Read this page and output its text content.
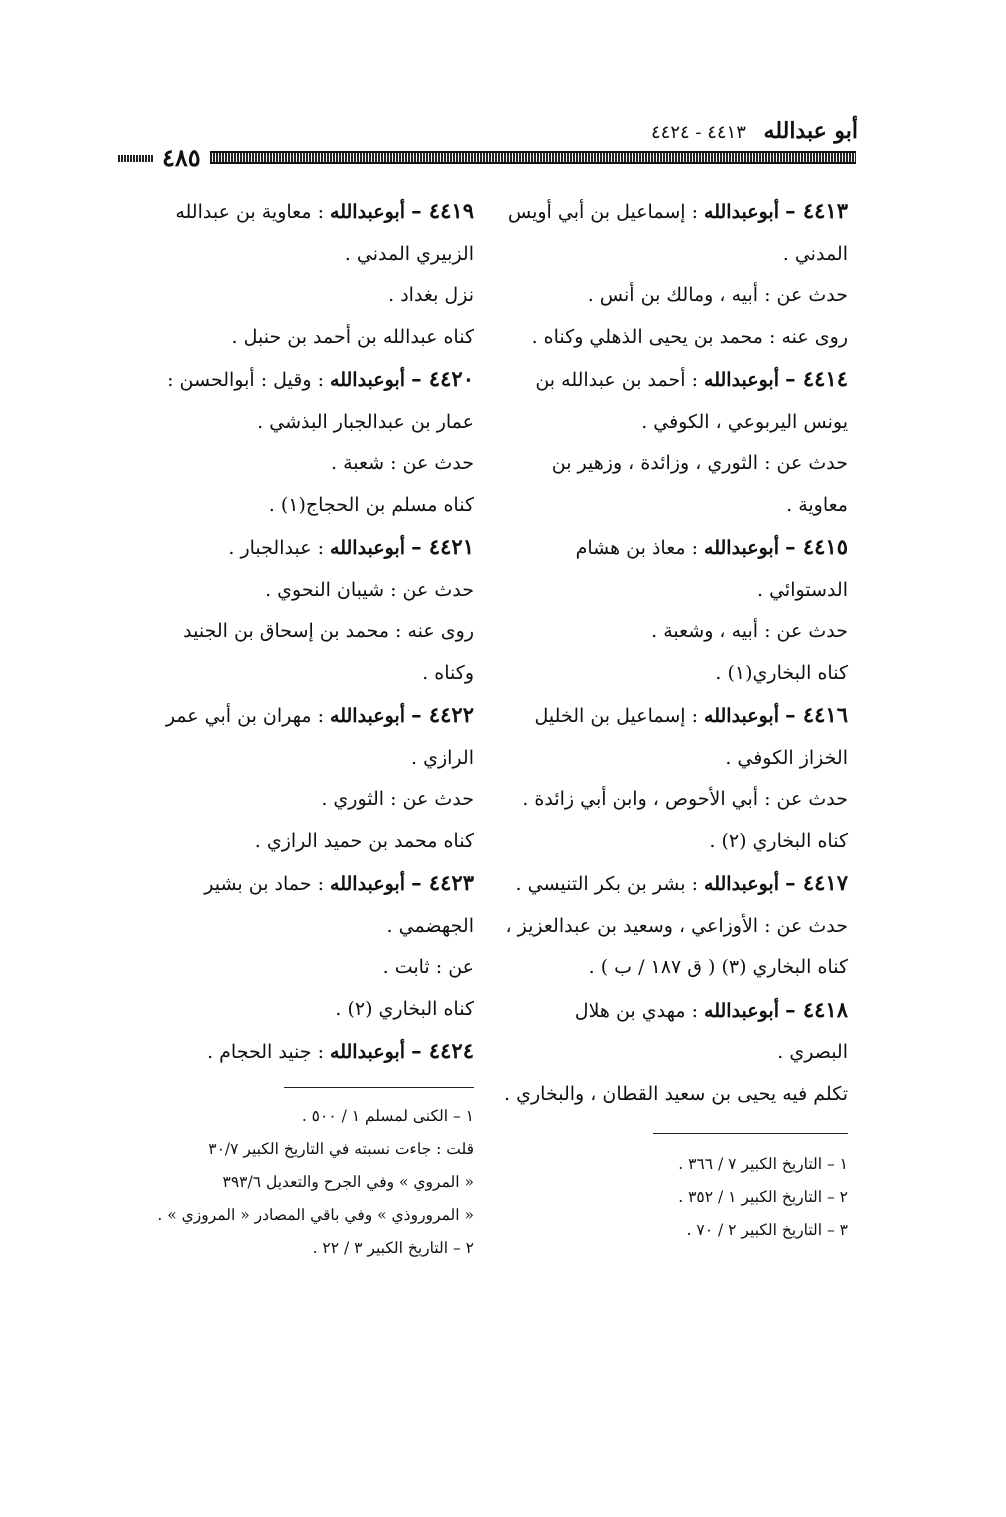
أبو عبدالله ٤٤١٣ - ٤٤٢٤
٤٨٥

٤٤١٣ – أبوعبدالله : إسماعيل بن أبي أويس

المدني .

حدث عن : أبيه ، ومالك بن أنس .

روى عنه : محمد بن يحيى الذهلي وكناه .

٤٤١٤ – أبوعبدالله : أحمد بن عبدالله بن

يونس اليربوعي ، الكوفي .

حدث عن : الثوري ، وزائدة ، وزهير بن

معاوية .

٤٤١٥ – أبوعبدالله : معاذ بن هشام

الدستوائي .

حدث عن : أبيه ، وشعبة .

كناه البخاري(١) .

٤٤١٦ – أبوعبدالله : إسماعيل بن الخليل

الخزاز الكوفي .

حدث عن : أبي الأحوص ، وابن أبي زائدة .

كناه البخاري (٢) .

٤٤١٧ – أبوعبدالله : بشر بن بكر التنيسي .

حدث عن : الأوزاعي ، وسعيد بن عبدالعزيز ،

كناه البخاري (٣) ( ق ١٨٧ / ب ) .

٤٤١٨ – أبوعبدالله : مهدي بن هلال

البصري .

تكلم فيه يحيى بن سعيد القطان ، والبخاري .

٤٤١٩ – أبوعبدالله : معاوية بن عبدالله

الزبيري المدني .

نزل بغداد .

كناه عبدالله بن أحمد بن حنبل .

٤٤٢٠ – أبوعبدالله : وقيل : أبوالحسن :

عمار بن عبدالجبار البذشي .

حدث عن : شعبة .

كناه مسلم بن الحجاج(١) .

٤٤٢١ – أبوعبدالله : عبدالجبار .

حدث عن : شيبان النحوي .

روى عنه : محمد بن إسحاق بن الجنيد

وكناه .

٤٤٢٢ – أبوعبدالله : مهران بن أبي عمر

الرازي .

حدث عن : الثوري .

كناه محمد بن حميد الرازي .

٤٤٢٣ – أبوعبدالله : حماد بن بشير

الجهضمي .

عن : ثابت .

كناه البخاري (٢) .

٤٤٢٤ – أبوعبدالله : جنيد الحجام .

١ – التاريخ الكبير ٧ / ٣٦٦ .

٢ – التاريخ الكبير ١ / ٣٥٢ .

٣ – التاريخ الكبير ٢ / ٧٠ .

١ – الكنى لمسلم ١ / ٥٠٠ .

قلت : جاءت نسبته في التاريخ الكبير ٣٠/٧

« المروي » وفي الجرح والتعديل ٣٩٣/٦

« المروروذي » وفي باقي المصادر « المروزي » .

٢ – التاريخ الكبير ٣ / ٢٢ .
